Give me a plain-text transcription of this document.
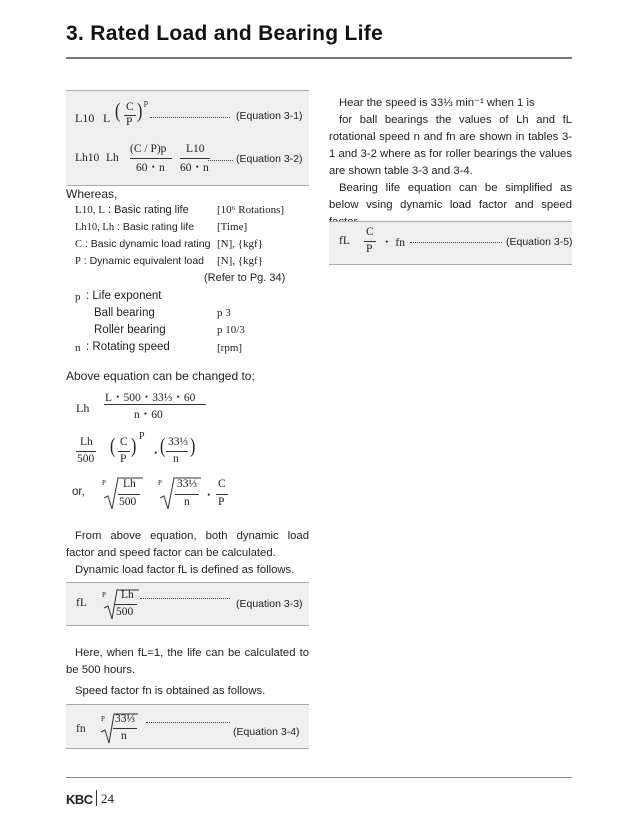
3. Rated Load and Bearing Life
L10 L ( C
P ) p
(Equation 3-1)
Lh10 Lh
(C / P)p
60・n
L10
60・n
(Equation 3-2)
Whereas,
L10, L : Basic rating life	[10⁶ Rotations]
Lh10, Lh : Basic rating life [Time]
C : Basic dynamic load rating [N], {kgf}
P : Dynamic equivalent load [N], {kgf}
(Refer to Pg. 34)
p : Life exponent
Ball bearing	p 3
Roller bearing	p 10/3
n : Rotating speed	[rpm]
Above equation can be changed to;
Lh
L・500・33⅓・60
n・60
Lh
500
( C
P
) P
・
( 33⅓
n
)
or,
P Lh
500
P 33⅓
n ・
C
P
From above equation, both dynamic load factor and speed factor can be calculated.
Dynamic load factor fL is defined as follows.
fL
P Lh
500
(Equation 3-3)
Here, when fL=1, the life can be calculated to be 500 hours.
Speed factor fn is obtained as follows.
fn
P 33⅓
n	(Equation 3-4)
Hear the speed is 33⅓ min⁻¹ when 1 is
for ball bearings the values of Lh and fL rotational speed n and fn are shown in tables 3-1 and 3-2 where as for roller bearings the values are shown table 3-3 and 3-4.
Bearing life equation can be simplified as below vsing dynamic load factor and speed
fL
C
P ・ fn	(Equation 3-5)
KBC 24
